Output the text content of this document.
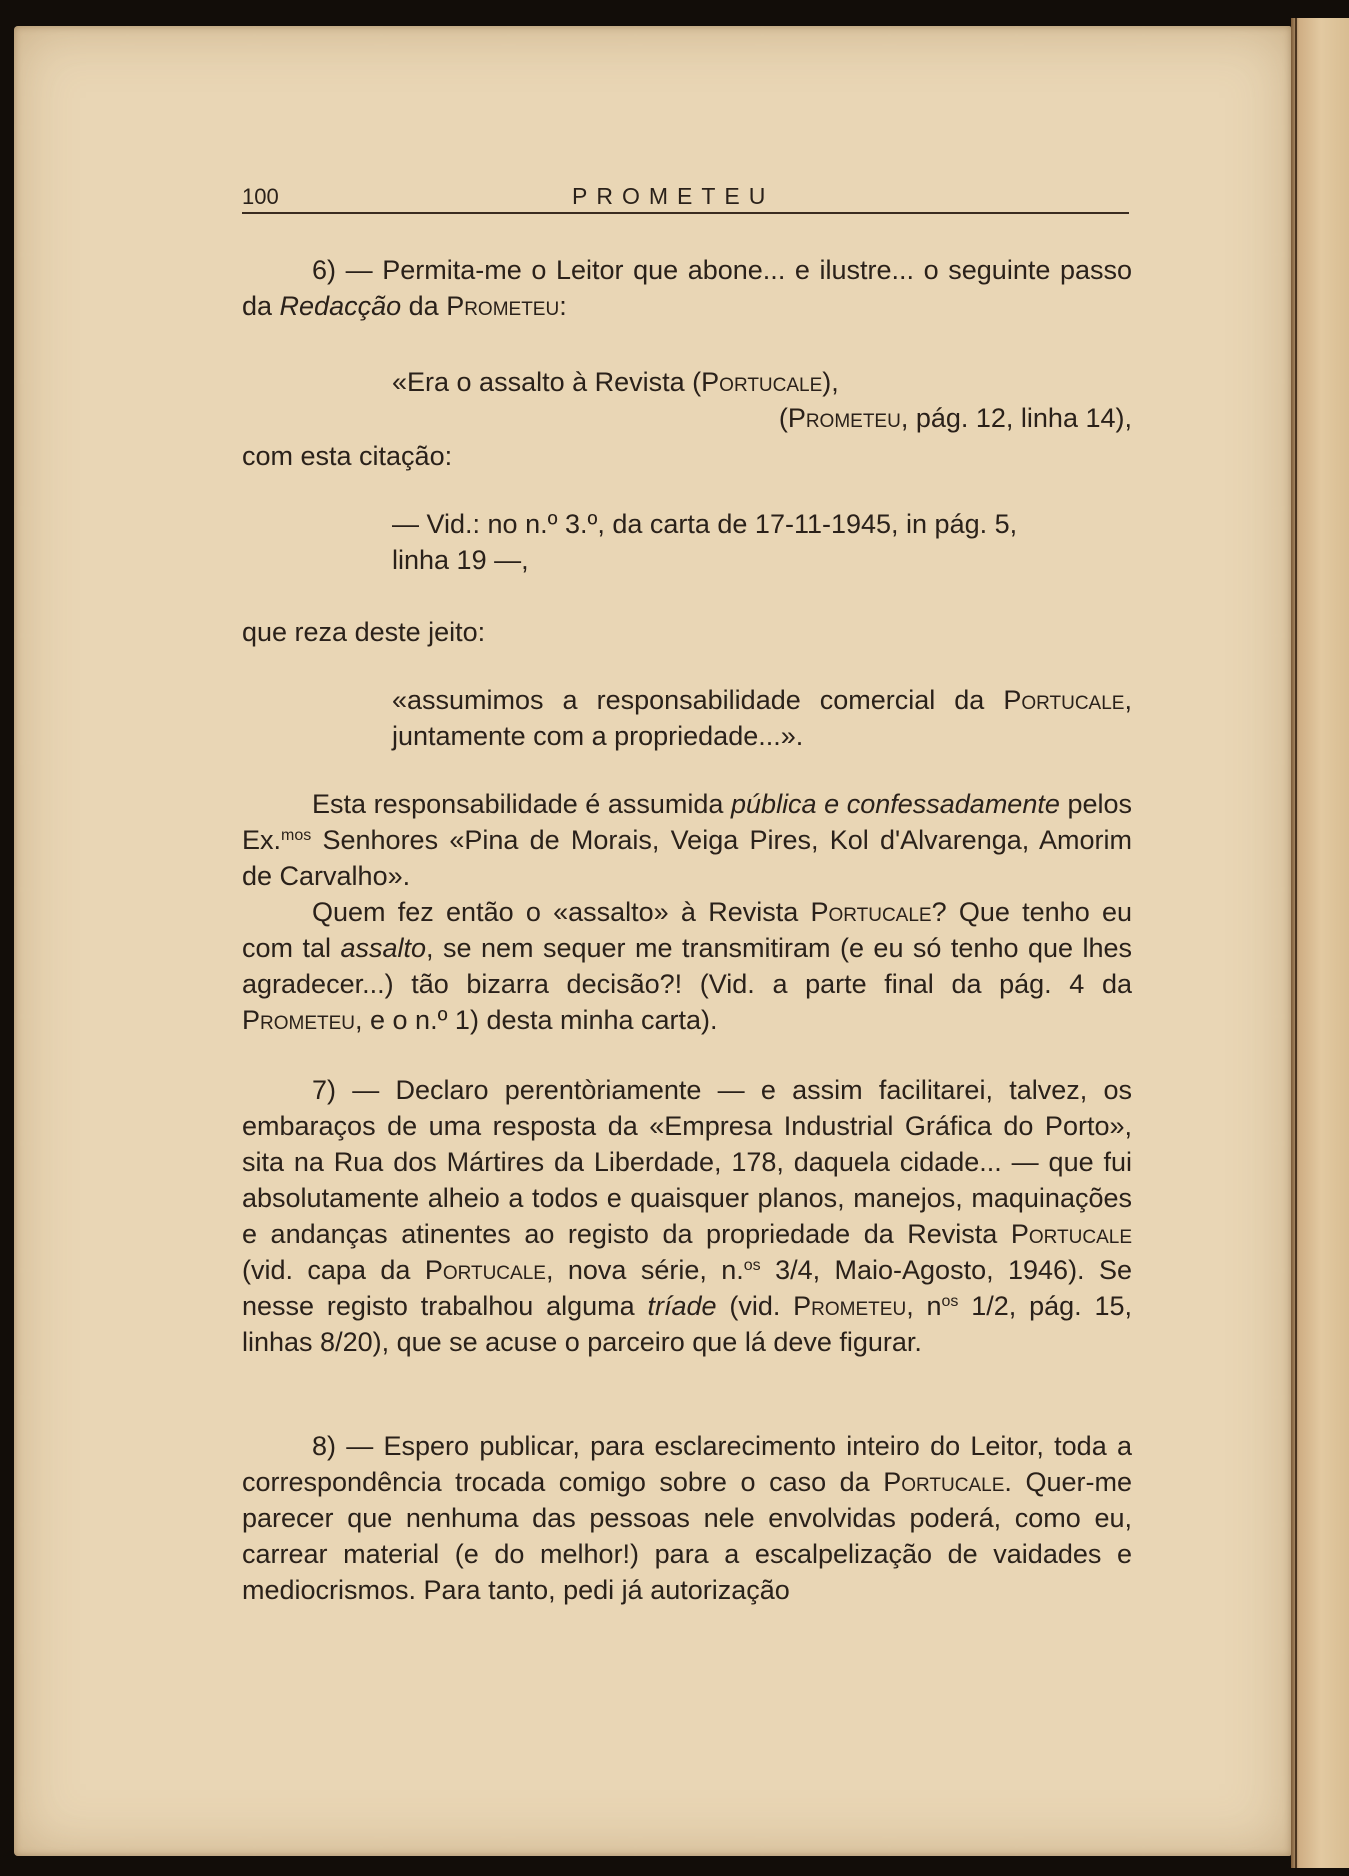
100	PROMETEU
6) — Permita-me o Leitor que abone... e ilustre... o seguinte passo da Redacção da Prometeu:
«Era o assalto à Revista (Portucale),
(Prometeu, pág. 12, linha 14),
com esta citação:
— Vid.: no n.º 3.º, da carta de 17-11-1945, in pág. 5,
linha 19 —,
que reza deste jeito:
«assumimos a responsabilidade comercial da Portucale, juntamente com a propriedade...».
Esta responsabilidade é assumida pública e confessadamente pelos Ex.$^{mos}$ Senhores «Pina de Morais, Veiga Pires, Kol d'Alvarenga, Amorim de Carvalho».
Quem fez então o «assalto» à Revista Portucale? Que tenho eu com tal assalto, se nem sequer me transmitiram (e eu só tenho que lhes agradecer...) tão bizarra decisão?! (Vid. a parte final da pág. 4 da Prometeu, e o n.º 1) desta minha carta).
7) — Declaro perentòriamente — e assim facilitarei, talvez, os embaraços de uma resposta da «Empresa Industrial Gráfica do Porto», sita na Rua dos Mártires da Liberdade, 178, daquela cidade... — que fui absolutamente alheio a todos e quaisquer planos, manejos, maquinações e andanças atinentes ao registo da propriedade da Revista Portucale (vid. capa da Portucale, nova série, n.$^{os}$ 3/4, Maio-Agosto, 1946). Se nesse registo trabalhou alguma tríade (vid. Prometeu, $n^{os}$ 1/2, pág. 15, linhas 8/20), que se acuse o parceiro que lá deve figurar.
8) — Espero publicar, para esclarecimento inteiro do Leitor, toda a correspondência trocada comigo sobre o caso da Portucale. Quer-me parecer que nenhuma das pessoas nele envolvidas poderá, como eu, carrear material (e do melhor!) para a escalpelização de vaidades e mediocrismos. Para tanto, pedi já autorização
